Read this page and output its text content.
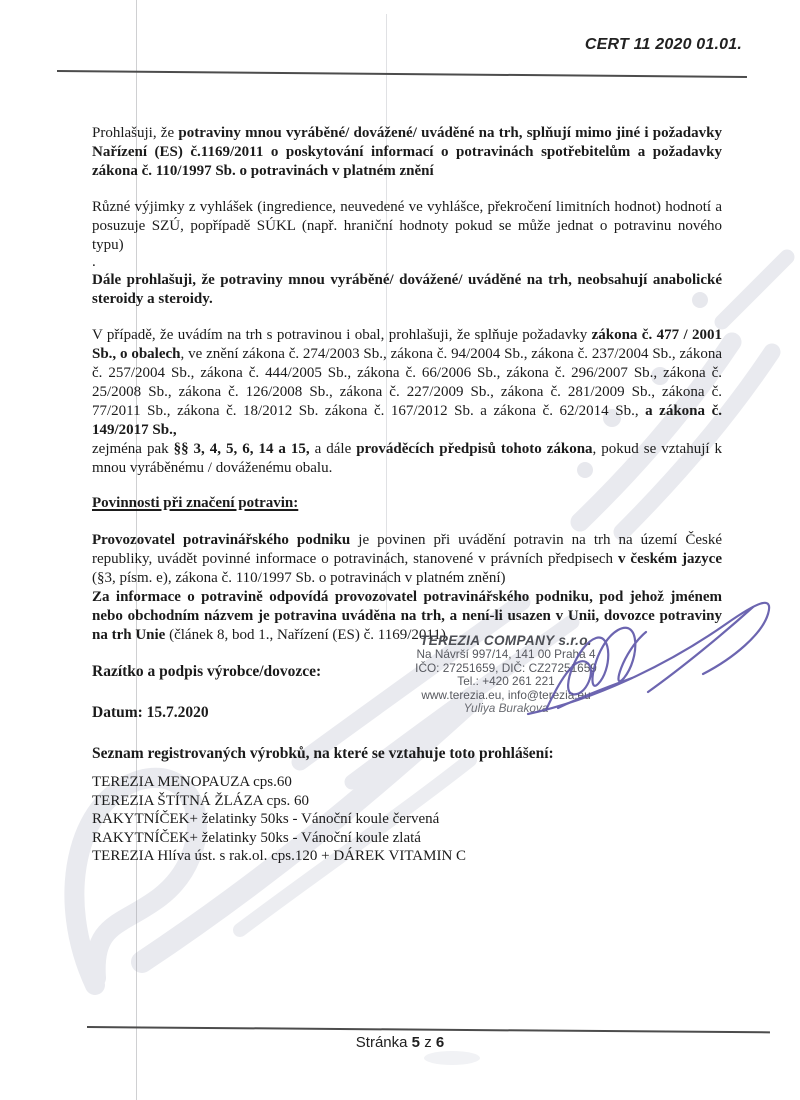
CERT 11 2020 01.01.

Prohlašuji, že potraviny mnou vyráběné/ dovážené/ uváděné na trh, splňují mimo jiné i požadavky Nařízení (ES) č.1169/2011 o poskytování informací o potravinách spotřebitelům a požadavky zákona č. 110/1997 Sb. o potravinách v platném znění

Různé výjimky z vyhlášek (ingredience, neuvedené ve vyhlášce, překročení limitních hodnot) hodnotí a posuzuje SZÚ, popřípadě SÚKL (např. hraniční hodnoty pokud se může jednat o potravinu nového typu)

.

Dále prohlašuji, že potraviny mnou vyráběné/ dovážené/ uváděné na trh, neobsahují anabolické steroidy a steroidy.

V případě, že uvádím na trh s potravinou i obal, prohlašuji, že splňuje požadavky zákona č. 477 / 2001 Sb., o obalech, ve znění zákona č. 274/2003 Sb., zákona č. 94/2004 Sb., zákona č. 237/2004 Sb., zákona č. 257/2004 Sb., zákona č. 444/2005 Sb., zákona č. 66/2006 Sb., zákona č. 296/2007 Sb., zákona č. 25/2008 Sb., zákona č. 126/2008 Sb., zákona č. 227/2009 Sb., zákona č. 281/2009 Sb., zákona č. 77/2011 Sb., zákona č. 18/2012 Sb. zákona č. 167/2012 Sb. a zákona č. 62/2014 Sb., a zákona č. 149/2017 Sb.,
zejména pak §§ 3, 4, 5, 6, 14 a 15, a dále prováděcích předpisů tohoto zákona, pokud se vztahují k mnou vyráběnému / dováženému obalu.

Povinnosti při značení potravin:

Provozovatel potravinářského podniku je povinen při uvádění potravin na trh na území České republiky, uvádět povinné informace o potravinách, stanovené v právních předpisech v českém jazyce (§3, písm. e), zákona č. 110/1997 Sb. o potravinách v platném znění)

Za informace o potravině odpovídá provozovatel potravinářského podniku, pod jehož jménem nebo obchodním názvem je potravina uváděna na trh, a není-li usazen v Unii, dovozce potraviny na trh Unie (článek 8, bod 1., Nařízení (ES) č. 1169/2011)

Razítko a podpis výrobce/dovozce:

Datum: 15.7.2020

Seznam registrovaných výrobků, na které se vztahuje toto prohlášení:

TEREZIA MENOPAUZA cps.60

TEREZIA ŠTÍTNÁ ŽLÁZA cps. 60

RAKYTNÍČEK+ želatinky 50ks - Vánoční koule červená

RAKYTNÍČEK+ želatinky 50ks - Vánoční koule zlatá

TEREZIA Hlíva úst. s rak.ol. cps.120 + DÁREK VITAMIN C

TEREZIA COMPANY s.r.o.
Na Návrší 997/14, 141 00 Praha 4
IČO: 27251659, DIČ: CZ27251659
Tel.: +420 261 221
www.terezia.eu, info@terezia.eu
Yuliya Burakova
Stránka 5 z 6
